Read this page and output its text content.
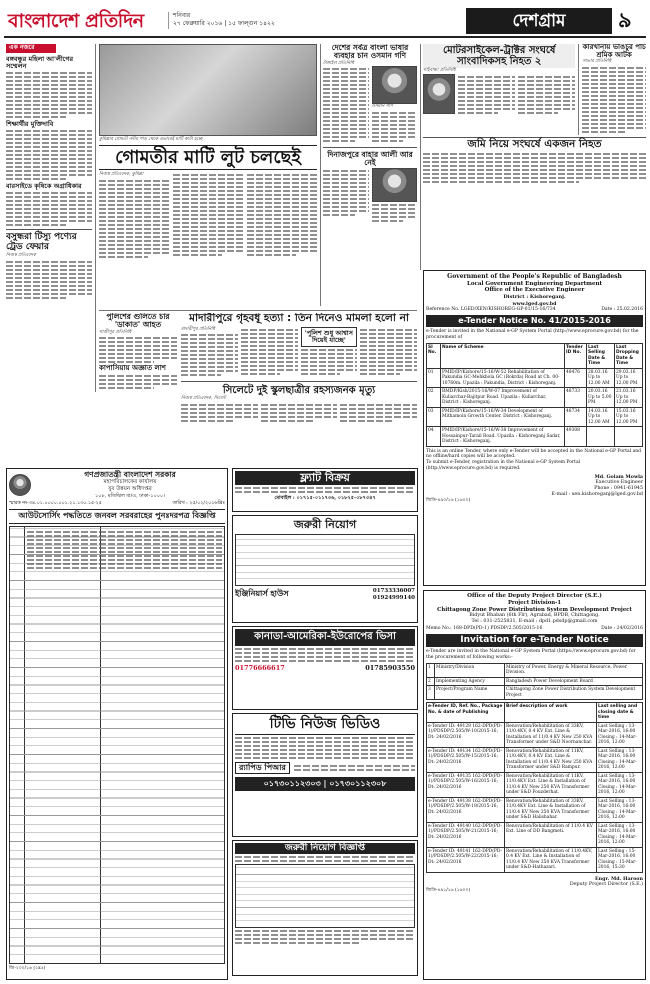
বাংলাদেশ প্রতিদিন	শনিবার
২৭ ফেব্রুয়ারি ২০১৬ | ১৫ ফাল্গুন ১৪২২	দেশগ্রাম	৯
এক নজরে
বঙ্গবন্ধুর মহিলা আ'লীগের সম্মেলন
শিক্ষার্থীর মুক্তিদাবি
বারসাইডে কৃষিকে অগ্রাধিকার
বসুন্ধরা টিস্যু পণ্যের ট্রেড ফেয়ার
নিজস্ব প্রতিবেদক
কুমিল্লার গোমতী নদীর পাড় থেকে এভাবেই মাটি কাটা হচ্ছে
গোমতীর মাটি লুট চলছেই
নিজস্ব প্রতিবেদক, কুমিল্লা
দেশের সর্বত্র বাংলা ভাষার ব্যবহার চান ওসমান গণি
টাঙ্গাইল প্রতিনিধি
ওসমান গণি
দিনাজপুরে বাহার আলী আর নেই
পুলিশের গুলিতে চার 'ডাকাত' আহত
গাজীপুর প্রতিনিধি
কাপাসিয়ায় অজ্ঞাত লাশ
মাদারীপুরে গৃহবধূ হত্যা : তিন দিনেও মামলা হলো না
মাদারীপুর প্রতিনিধি	'পুলিশ শুধু আশ্বাস দিয়েই যাচ্ছে'
সিলেটে দুই স্কুলছাত্রীর রহস্যজনক মৃত্যু
নিজস্ব প্রতিবেদক, সিলেট
মোটরসাইকেল-ট্রাক্টর সংঘর্ষে সাংবাদিকসহ নিহত ২
গাইবান্ধা প্রতিনিধি
কারখানায় ভাঙচুর পাঁচ শ্রমিক আটক
সাভার প্রতিনিধি
জমি নিয়ে সংঘর্ষে একজন নিহত
Government of the People's Republic of Bangladesh
Local Government Engineering Department
Office of the Executive Engineer
District : Kishoreganj.
www.lged.gov.bd
Reference No. LGED/XEN/KISHOREG-GP-01/15-16/734	Date : 25.02.2016
e-Tender Notice No. 41/2015-2016
e-Tender is invited in the National e-GP System Portal (http://www.eprocure.gov.bd) for the procurement of
SI No.	Name of Scheme	Tender ID No.	Last Selling Date & Time	Last Dropping Date & Time
01	PMID/IP/Kishore/15-16/W-52 Rehabilitation of Pakundia GC-Mehkhola GC (Bokrda) Road at Ch. 00-10760m. Upazila : Pakundia, District : Kishoreganj.	48476	28.03.16 Up to 12.00 AM	29.03.16 Up to 12.00 PM
02	RMDP/Kish/2015-16/W-07 Improvement of Kuliarchar-Bajitpur Road. Upazila : Kuliarchar, District : Kishoreganj.	48733	20.03.16 Up to 5.00 PM	21.03.16 Up to 12.00 PM
03	PMID/IP/Kishore/15-16/W-34 Development of Mithamoin Growth Center. District : Kishoreganj.	48734	14.03.16 Up to 12.00 AM	15.03.16 Up to 12.00 PM
04	PMID/IP/Kishore/15-16/W-38 Improvement of Hossainpur-Tarail Road. Upazila : Kishoreganj Sadar, District : Kishoreganj.	49308		
This is an online Tender, where only e-Tender will be accepted in the National e-GP Portal and no offline/hard copies will be accepted.
To submit e-Tender, registration in the National e-GP System Portal (http://www.eprocure.gov.bd) is required.
Md. Golam Mowla
Executive Engineer
Phone : 0941-61945
E-mail : xen.kishoreganj@lged.gov.bd
জিডি-৪৯০/১৬ (১৬০০)
Office of the Deputy Project Director (S.E.)
Project Division-1
Chittagong Zone Power Distribution System Development Project
Bidyut Bhaban (6th Flr), Agrabad, BPDB, Chittagong.
Tel : 031-2525831, E-mail : dpd1.pdsdp@gmail.com
Memo No.: 168-DPD(PD-1) PDSDP/2.505/2015-16	Date : 24/02/2016
Invitation for e-Tender Notice
e-Tender are invited in the National e-GP System Portal (https://www.eprocure.gov.bd) for the procurement of following works:-
1	Ministry/Division	Ministry of Power, Energy & Mineral Resource, Power Division.
2	Implementing Agency	Bangladesh Power Development Board
3	Project/Program Name	Chittagong Zone Power Distribution System Development Project
e-Tender ID, Ref. No., Package No. & date of Publishing	Brief description of work	Last selling and closing date & time
e-Tender ID: 49129 162-DPD(PD-1)/PDSDP/2.505/W-10/2015-16; Dt: 24/02/2016	Renovation/Rehabilitation of 33KV, 11/0.4KV, 0.4 KV Ext. Line & Installation of 11/0.4 KV New 250 KVA Transformer under S&D Noornanchar.	Last Selling : 13-Mar-2016, 16:00 Closing : 14-Mar-2016, 12:00
e-Tender ID: 49134 162-DPD(PD-1)/PDSDP/2.505/W-15/2015-16; Dt: 24/02/2016	Renovation/Rehabilitation of 11KV, 11/0.4KV, 0.4 KV Ext. Line & Installation of 11/0.4 KV New 250 KVA Transformer under S&D Rampur.	Last Selling : 13-Mar-2016, 16:00 Closing : 14-Mar-2016, 12:00
e-Tender ID: 49135 162-DPD(PD-1)/PDSDP/2.505/W-16/2015-16; Dt: 24/02/2016	Renovation/Rehabilitation of 11KV, 11/0.4KV Ext. Line & Installation of 11/0.4 KV New 250 KVA Transformer under S&D Fouzderhat.	Last Selling : 13-Mar-2016, 16:00 Closing : 14-Mar-2016, 12:00
e-Tender ID: 49138 162-DPD(PD-1)/PDSDP/2.505/W-19/2015-16; Dt: 24/02/2016	Renovation/Rehabilitation of 33KV, 11/0.4KV Ext. Line & Installation of 11/0.4 KV New 250 KVA Transformer under S&D Halishahar.	Last Selling : 13-Mar-2016, 16:00 Closing : 14-Mar-2016, 12:00
e-Tender ID: 49140 162-DPD(PD-1)/PDSDP/2.505/W-21/2015-16; Dt: 24/02/2016	Renovation/Rehabilitation of 11/0.4 KV Ext. Line of DD Bangmeti.	Last Selling : 13-Mar-2016, 16:00 Closing : 14-Mar-2016, 12:00
e-Tender ID: 49141 162-DPD(PD-1)/PDSDP/2.505/W-22/2015-16; Dt: 24/02/2016	Renovation/Rehabilitation of 11/0.4KV, 0.4 KV Ext. Line & Installation of 11/0.4 KV New 250 KVA Transformer under S&D-Hathazari.	Last Selling : 15-Mar-2016, 16:00 Closing : 15-Mar-2016, 15:30
Engr. Md. Haroon
Deputy Project Director (S.E.)
জিডি-৪৯১/১৬ (১৬০০)
গণপ্রজাতন্ত্রী বাংলাদেশ সরকার
মহাপরিচালকের কার্যালয়
যুব উন্নয়ন অধিদপ্তর
১০৮, মতিঝিল বা/এ, ঢাকা-১০০০।
স্মারক নং-৩৪.০১.০০০০.০০১.২১.১৩০.১৫-২৫	তারিখ : ২৫/০২/২০১৬খ্রিঃ
আউটসোর্সিং পদ্ধতিতে জনবল সরবরাহের পুনঃদরপত্র বিজ্ঞপ্তি
জি-২০০/১৬ (২x৫)
ফ্ল্যাট বিক্রয়
মোবাইল : ০১৭১৫-০১১৭৩৬, ০১৮২৫-০৮৭৩৪৭
জরুরী নিয়োগ
ইঞ্জিনিয়ার্স হাউস	01733336007
01924999140
কানাডা-আমেরিকা-ইউরোপের ভিসা
01776666617	01785903550
টিভি নিউজ ভিডিও
র‌্যাপিড পিআর
০১৭৩০১১২৩০৩ | ০১৭৩০১১২৩০৮
জরুরী নিয়োগ বিজ্ঞপ্তি
